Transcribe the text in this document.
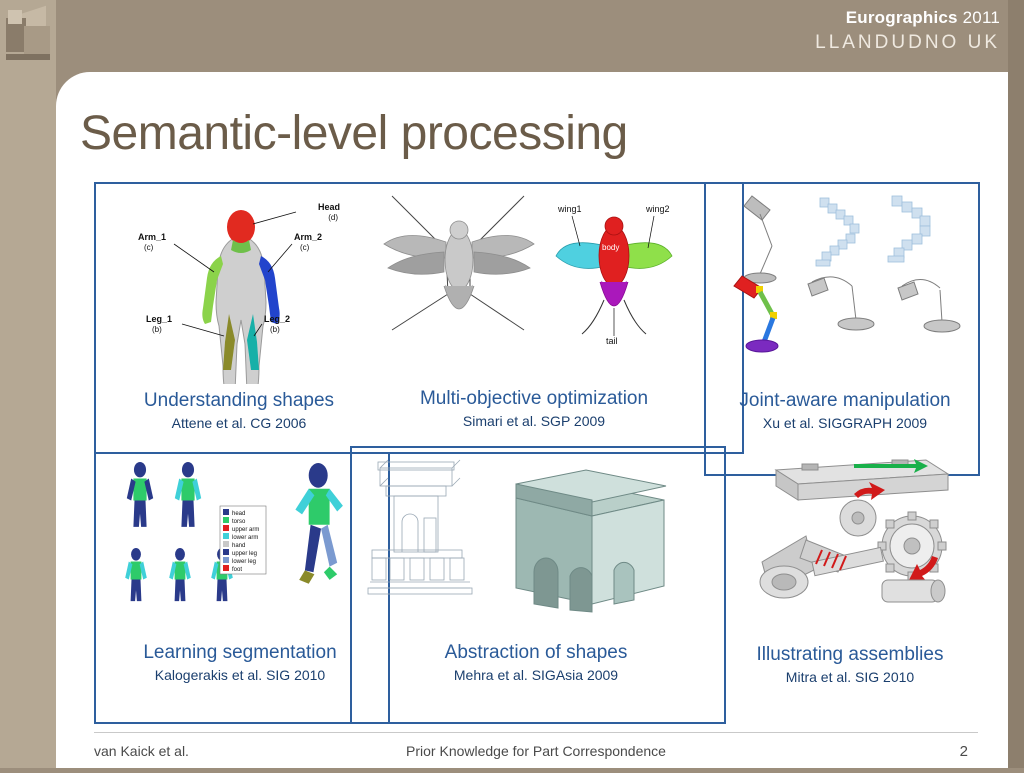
Eurographics 2011
LLANDUDNO UK
Semantic-level processing
Head
(d)
Arm_1
(c)
Arm_2
(c)
Leg_1
(b)
Leg_2
(b)
Understanding shapes
Attene et al. CG 2006
wing1	wing2
body
tail
Multi-objective optimization
Simari et al. SGP 2009
Joint-aware manipulation
Xu et al. SIGGRAPH 2009
head
torso
upper arm
lower arm
hand
upper leg
lower leg
foot
Learning segmentation
Kalogerakis et al. SIG 2010
Abstraction of shapes
Mehra et al. SIGAsia 2009
Illustrating assemblies
Mitra et al. SIG 2010
van Kaick et al.	Prior Knowledge for Part Correspondence	2
